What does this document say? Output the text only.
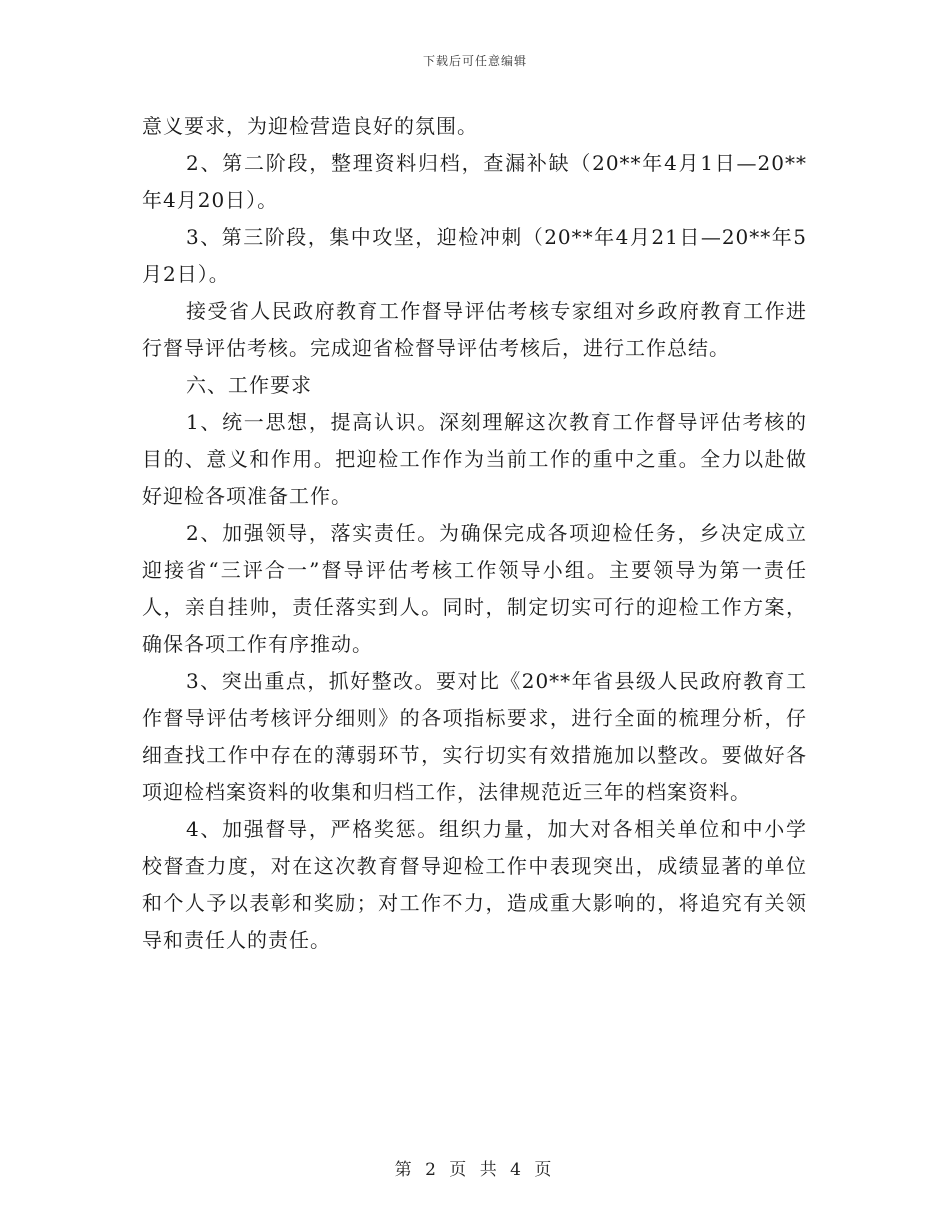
下载后可任意编辑

意义要求，为迎检营造良好的氛围。

2、第二阶段，整理资料归档，查漏补缺（20**年4月1日—20**年4月20日）。

3、第三阶段，集中攻坚，迎检冲刺（20**年4月21日—20**年5月2日）。

接受省人民政府教育工作督导评估考核专家组对乡政府教育工作进行督导评估考核。完成迎省检督导评估考核后，进行工作总结。

六、工作要求

1、统一思想，提高认识。深刻理解这次教育工作督导评估考核的目的、意义和作用。把迎检工作作为当前工作的重中之重。全力以赴做好迎检各项准备工作。

2、加强领导，落实责任。为确保完成各项迎检任务，乡决定成立迎接省“三评合一”督导评估考核工作领导小组。主要领导为第一责任人，亲自挂帅，责任落实到人。同时，制定切实可行的迎检工作方案，确保各项工作有序推动。

3、突出重点，抓好整改。要对比《20**年省县级人民政府教育工作督导评估考核评分细则》的各项指标要求，进行全面的梳理分析，仔细查找工作中存在的薄弱环节，实行切实有效措施加以整改。要做好各项迎检档案资料的收集和归档工作，法律规范近三年的档案资料。

4、加强督导，严格奖惩。组织力量，加大对各相关单位和中小学校督查力度，对在这次教育督导迎检工作中表现突出，成绩显著的单位和个人予以表彰和奖励；对工作不力，造成重大影响的，将追究有关领导和责任人的责任。

第 2 页 共 4 页
